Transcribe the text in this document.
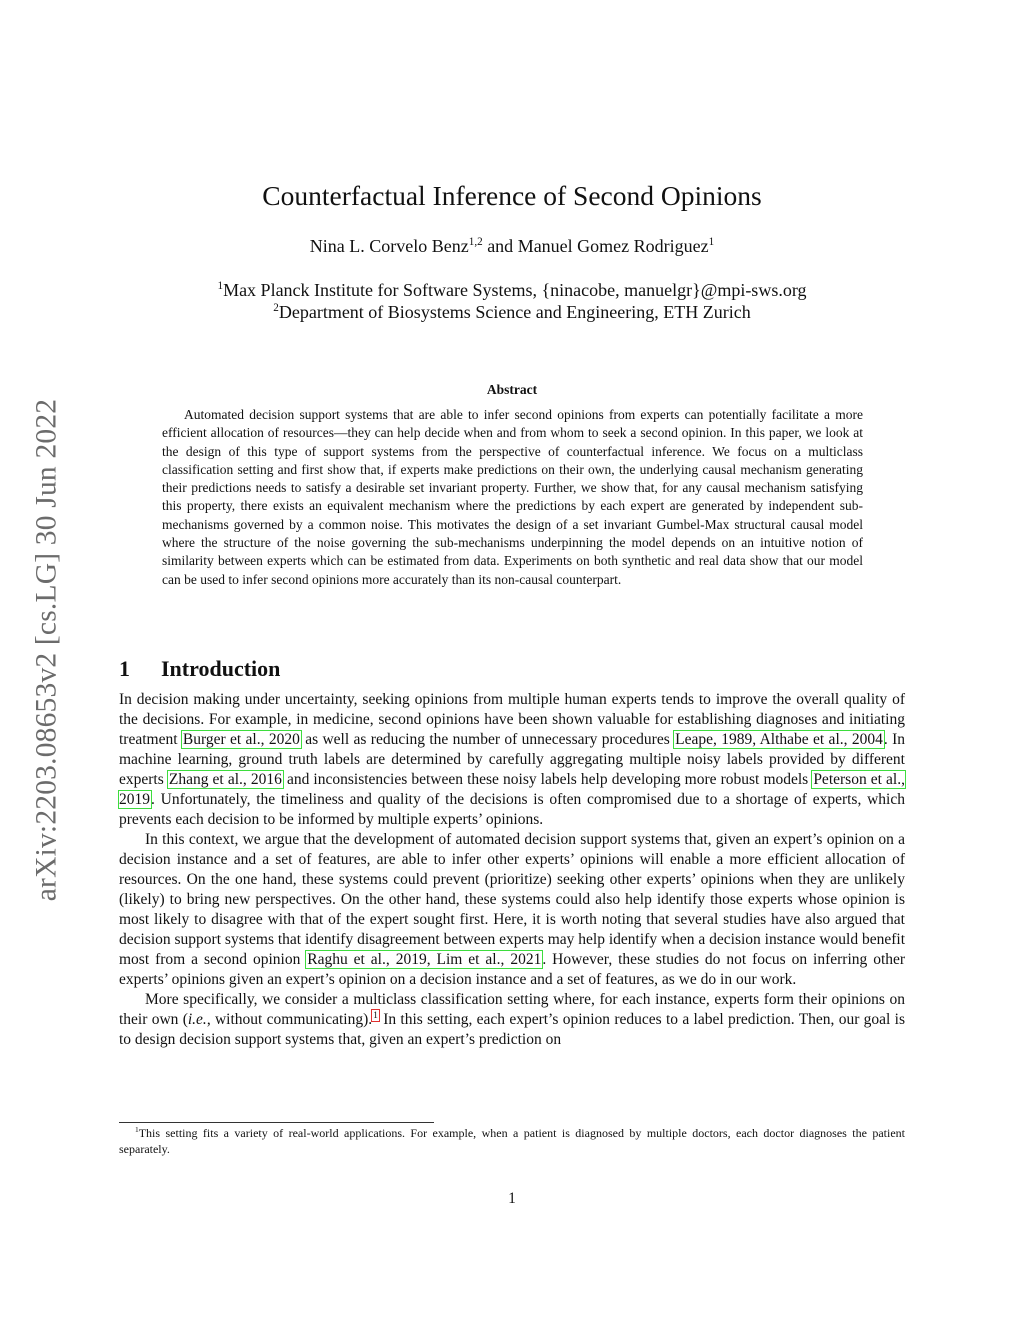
arXiv:2203.08653v2 [cs.LG] 30 Jun 2022
Counterfactual Inference of Second Opinions
Nina L. Corvelo Benz$^{1,2}$ and Manuel Gomez Rodriguez$^1$
$^1$Max Planck Institute for Software Systems, {ninacobe, manuelgr}@mpi-sws.org
$^2$Department of Biosystems Science and Engineering, ETH Zurich
Abstract
Automated decision support systems that are able to infer second opinions from experts can potentially facilitate a more efficient allocation of resources—they can help decide when and from whom to seek a second opinion. In this paper, we look at the design of this type of support systems from the perspective of counterfactual inference. We focus on a multiclass classification setting and first show that, if experts make predictions on their own, the underlying causal mechanism generating their predictions needs to satisfy a desirable set invariant property. Further, we show that, for any causal mechanism satisfying this property, there exists an equivalent mechanism where the predictions by each expert are generated by independent sub-mechanisms governed by a common noise. This motivates the design of a set invariant Gumbel-Max structural causal model where the structure of the noise governing the sub-mechanisms underpinning the model depends on an intuitive notion of similarity between experts which can be estimated from data. Experiments on both synthetic and real data show that our model can be used to infer second opinions more accurately than its non-causal counterpart.
1 Introduction

In decision making under uncertainty, seeking opinions from multiple human experts tends to improve the overall quality of the decisions. For example, in medicine, second opinions have been shown valuable for establishing diagnoses and initiating treatment Burger et al., 2020 as well as reducing the number of unnecessary procedures Leape, 1989, Althabe et al., 2004. In machine learning, ground truth labels are determined by carefully aggregating multiple noisy labels provided by different experts Zhang et al., 2016 and inconsistencies between these noisy labels help developing more robust models Peterson et al., 2019. Unfortunately, the timeliness and quality of the decisions is often compromised due to a shortage of experts, which prevents each decision to be informed by multiple experts’ opinions.

In this context, we argue that the development of automated decision support systems that, given an expert’s opinion on a decision instance and a set of features, are able to infer other experts’ opinions will enable a more efficient allocation of resources. On the one hand, these systems could prevent (prioritize) seeking other experts’ opinions when they are unlikely (likely) to bring new perspectives. On the other hand, these systems could also help identify those experts whose opinion is most likely to disagree with that of the expert sought first. Here, it is worth noting that several studies have also argued that decision support systems that identify disagreement between experts may help identify when a decision instance would benefit most from a second opinion Raghu et al., 2019, Lim et al., 2021. However, these studies do not focus on inferring other experts’ opinions given an expert’s opinion on a decision instance and a set of features, as we do in our work.

More specifically, we consider a multiclass classification setting where, for each instance, experts form their opinions on their own (i.e., without communicating).$^1$ In this setting, each expert’s opinion reduces to a label prediction. Then, our goal is to design decision support systems that, given an expert’s prediction on

$^1$This setting fits a variety of real-world applications. For example, when a patient is diagnosed by multiple doctors, each doctor diagnoses the patient separately.
1
